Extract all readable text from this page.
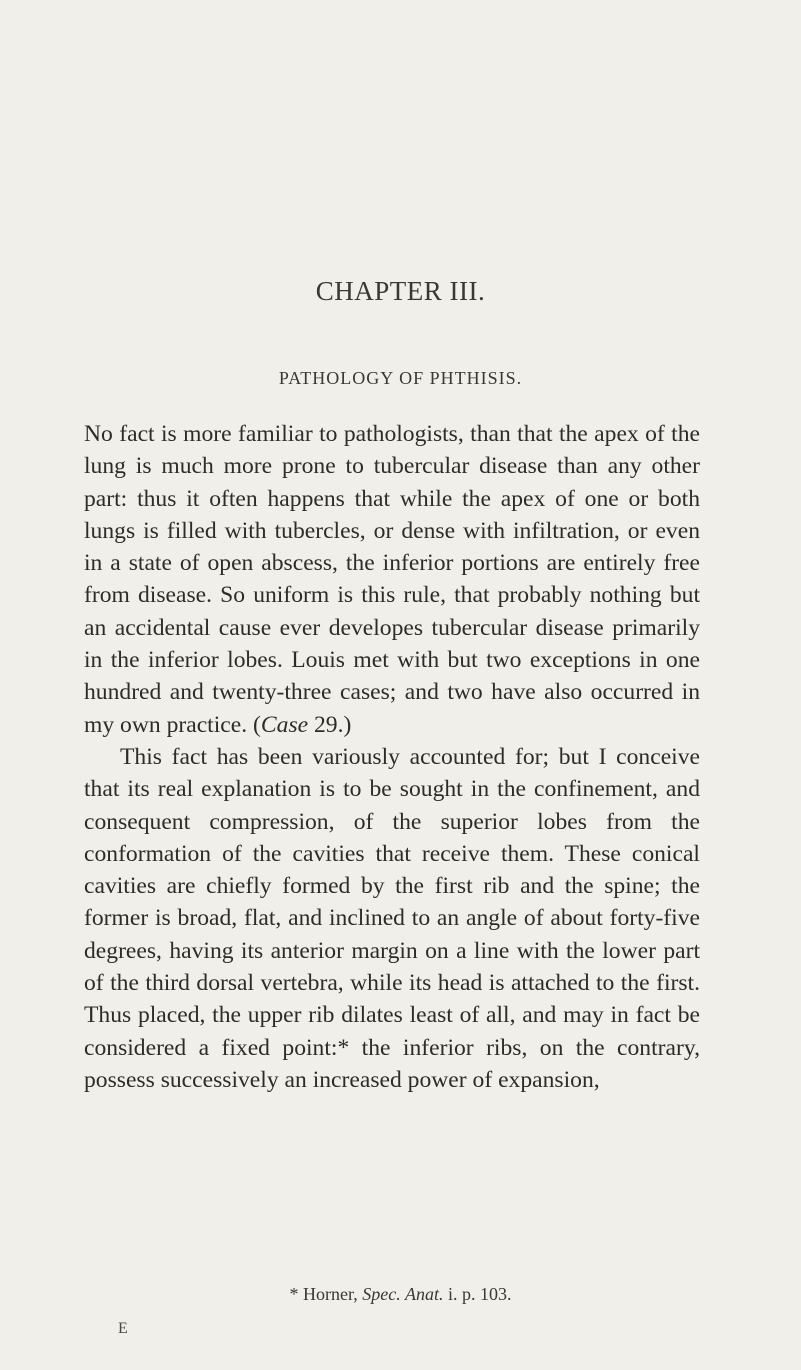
CHAPTER III.
PATHOLOGY OF PHTHISIS.

No fact is more familiar to pathologists, than that the apex of the lung is much more prone to tubercular disease than any other part: thus it often happens that while the apex of one or both lungs is filled with tubercles, or dense with infiltration, or even in a state of open abscess, the inferior portions are entirely free from disease. So uniform is this rule, that probably nothing but an accidental cause ever developes tubercular disease primarily in the inferior lobes. Louis met with but two exceptions in one hundred and twenty-three cases; and two have also occurred in my own practice. (Case 29.)

This fact has been variously accounted for; but I conceive that its real explanation is to be sought in the confinement, and consequent compression, of the superior lobes from the conformation of the cavities that receive them. These conical cavities are chiefly formed by the first rib and the spine; the former is broad, flat, and inclined to an angle of about forty-five degrees, having its anterior margin on a line with the lower part of the third dorsal vertebra, while its head is attached to the first. Thus placed, the upper rib dilates least of all, and may in fact be considered a fixed point:* the inferior ribs, on the contrary, possess successively an increased power of expansion,

* Horner, Spec. Anat. i. p. 103.
E
